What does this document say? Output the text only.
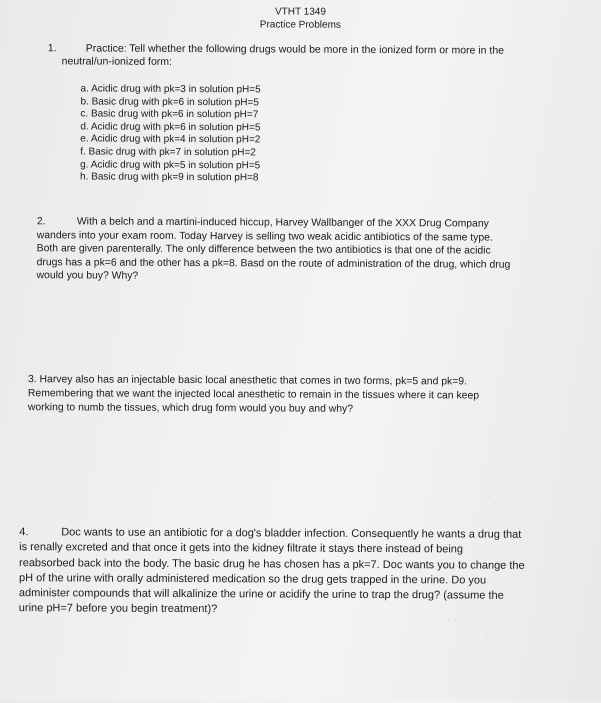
VTHT 1349
Practice Problems
1.	Practice: Tell whether the following drugs would be more in the ionized form or more in the
neutral/un-ionized form:
a. Acidic drug with pk=3 in solution pH=5
b. Basic drug with pk=6 in solution pH=5
c. Basic drug with pk=6 in solution pH=7
d. Acidic drug with pk=6 in solution pH=5
e. Acidic drug with pk=4 in solution pH=2
f. Basic drug with pk=7 in solution pH=2
g. Acidic drug with pk=5 in solution pH=5
h. Basic drug with pk=9 in solution pH=8
2.	With a belch and a martini-induced hiccup, Harvey Wallbanger of the XXX Drug Company
wanders into your exam room. Today Harvey is selling two weak acidic antibiotics of the same type.
Both are given parenterally. The only difference between the two antibiotics is that one of the acidic
drugs has a pk=6 and the other has a pk=8. Basd on the route of administration of the drug, which drug
would you buy? Why?
3. Harvey also has an injectable basic local anesthetic that comes in two forms, pk=5 and pk=9.
Remembering that we want the injected local anesthetic to remain in the tissues where it can keep
working to numb the tissues, which drug form would you buy and why?
· ·
·
· ·
·
4.	Doc wants to use an antibiotic for a dog's bladder infection. Consequently he wants a drug that
is renally excreted and that once it gets into the kidney filtrate it stays there instead of being
reabsorbed back into the body. The basic drug he has chosen has a pk=7. Doc wants you to change the
pH of the urine with orally administered medication so the drug gets trapped in the urine. Do you
administer compounds that will alkalinize the urine or acidify the urine to trap the drug? (assume the
urine pH=7 before you begin treatment)?
· ·
· ·
